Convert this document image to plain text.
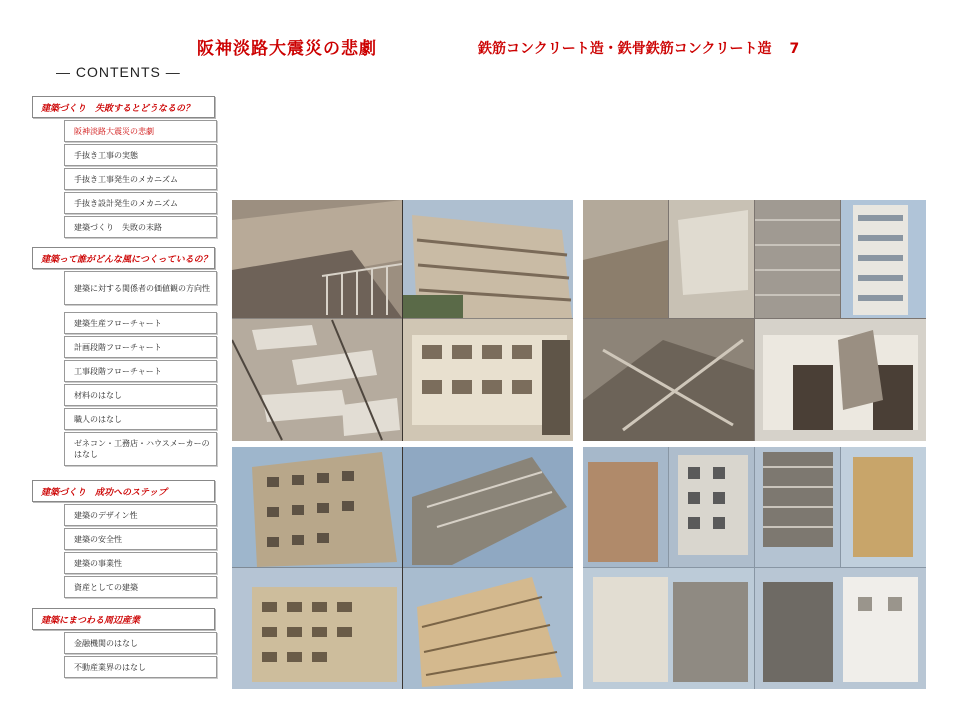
阪神淡路大震災の悲劇	鉄筋コンクリート造・鉄骨鉄筋コンクリート造 7
— CONTENTS —
建築づくり　失敗するとどうなるの？
阪神淡路大震災の悲劇
手抜き工事の実態
手抜き工事発生のメカニズム
手抜き設計発生のメカニズム
建築づくり　失敗の末路
建築って誰がどんな風につくっているの？
建築に対する関係者の価値観の方向性
建築生産フローチャート
計画段階フローチャート
工事段階フローチャート
材料のはなし
職人のはなし
ゼネコン・工務店・ハウスメーカーのはなし
建築づくり　成功へのステップ
建築のデザイン性
建築の安全性
建築の事業性
資産としての建築
建築にまつわる周辺産業
金融機関のはなし
不動産業界のはなし
